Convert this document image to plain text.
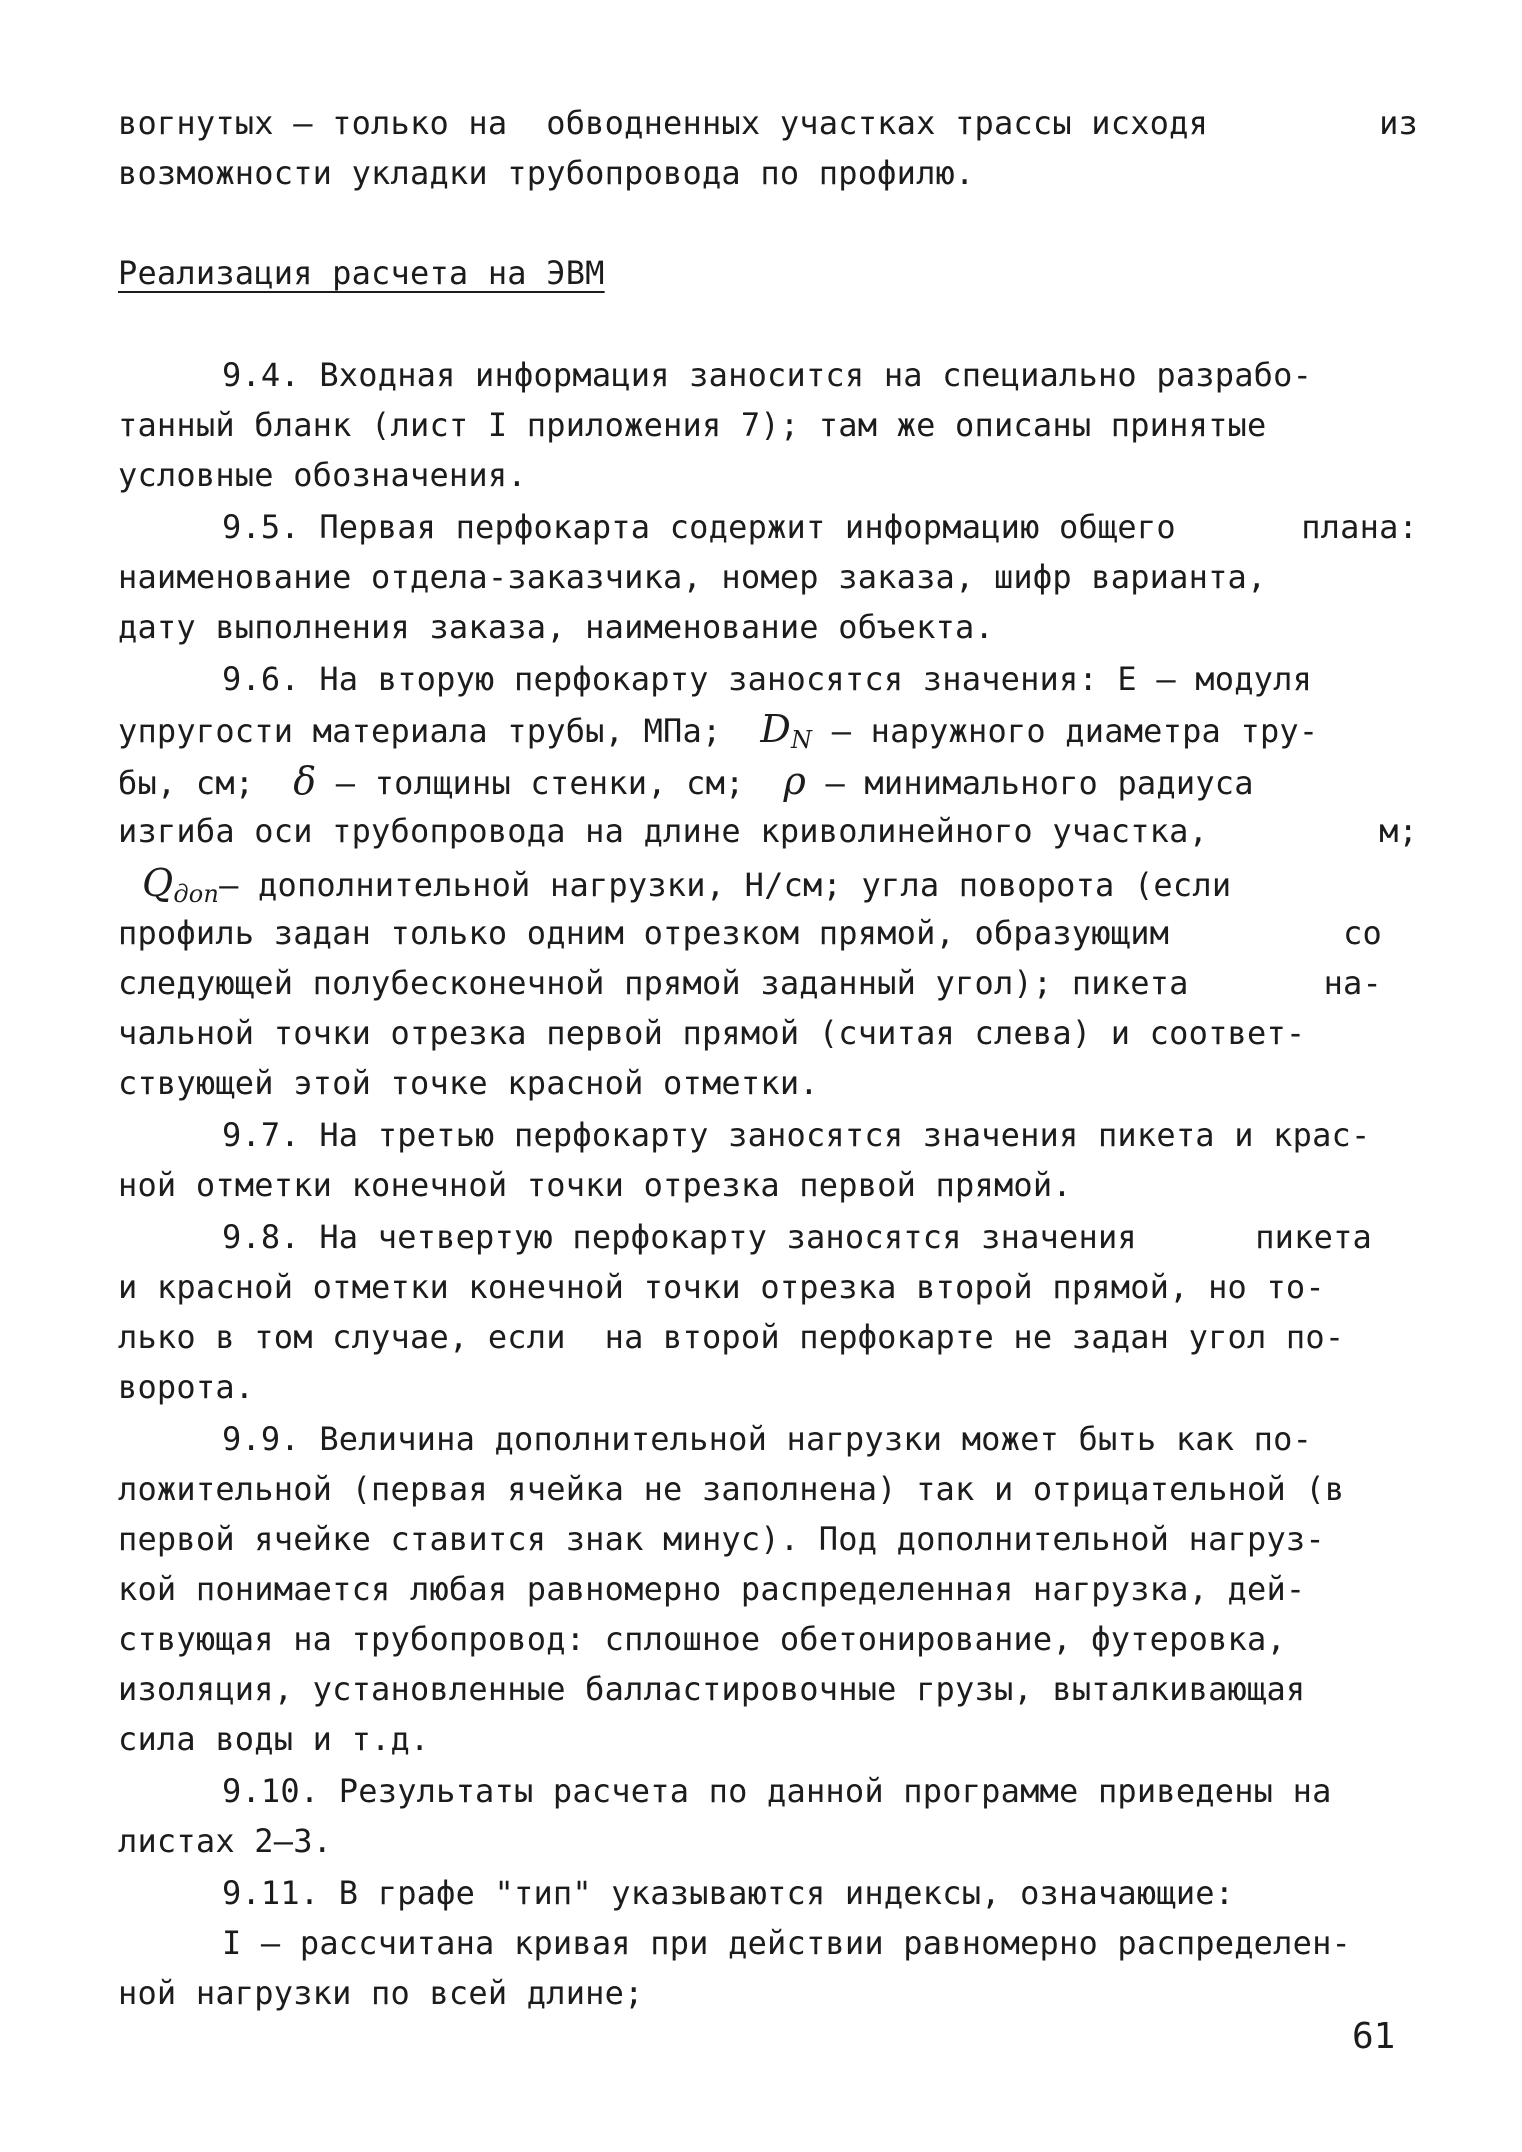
вогнутых – только на  обводненных участках трассы исходя	из
возможности укладки трубопровода по профилю.
Реализация расчета на ЭВМ
9.4. Входная информация заносится на специально разрабо-
танный бланк (лист I приложения 7); там же описаны принятые
условные обозначения.
9.5. Первая перфокарта содержит информацию общего	плана:
наименование отдела-заказчика, номер заказа, шифр варианта,
дату выполнения заказа, наименование объекта.
9.6. На вторую перфокарту заносятся значения: Е – модуля
упругости материала трубы, МПа; $D_N$ – наружного диаметра тру-
бы, см; δ – толщины стенки, см; ρ – минимального радиуса
изгиба оси трубопровода на длине криволинейного участка,	м;
$Q_{доп}-$ дополнительной нагрузки, Н/см; угла поворота (если
профиль задан только одним отрезком прямой, образующим	со
следующей полубесконечной прямой заданный угол); пикета	на-
чальной точки отрезка первой прямой (считая слева) и соответ-
ствующей этой точке красной отметки.
9.7. На третью перфокарту заносятся значения пикета и крас-
ной отметки конечной точки отрезка первой прямой.
9.8. На четвертую перфокарту заносятся значения	пикета
и красной отметки конечной точки отрезка второй прямой, но то-
лько в том случае, если  на второй перфокарте не задан угол по-
ворота.
9.9. Величина дополнительной нагрузки может быть как по-
ложительной (первая ячейка не заполнена) так и отрицательной (в
первой ячейке ставится знак минус). Под дополнительной нагруз-
кой понимается любая равномерно распределенная нагрузка, дей-
ствующая на трубопровод: сплошное обетонирование, футеровка,
изоляция, установленные балластировочные грузы, выталкивающая
сила воды и т.д.
9.10. Результаты расчета по данной программе приведены на
листах 2–3.
9.11. В графе "тип" указываются индексы, означающие:
I – рассчитана кривая при действии равномерно распределен-
ной нагрузки по всей длине;
61
